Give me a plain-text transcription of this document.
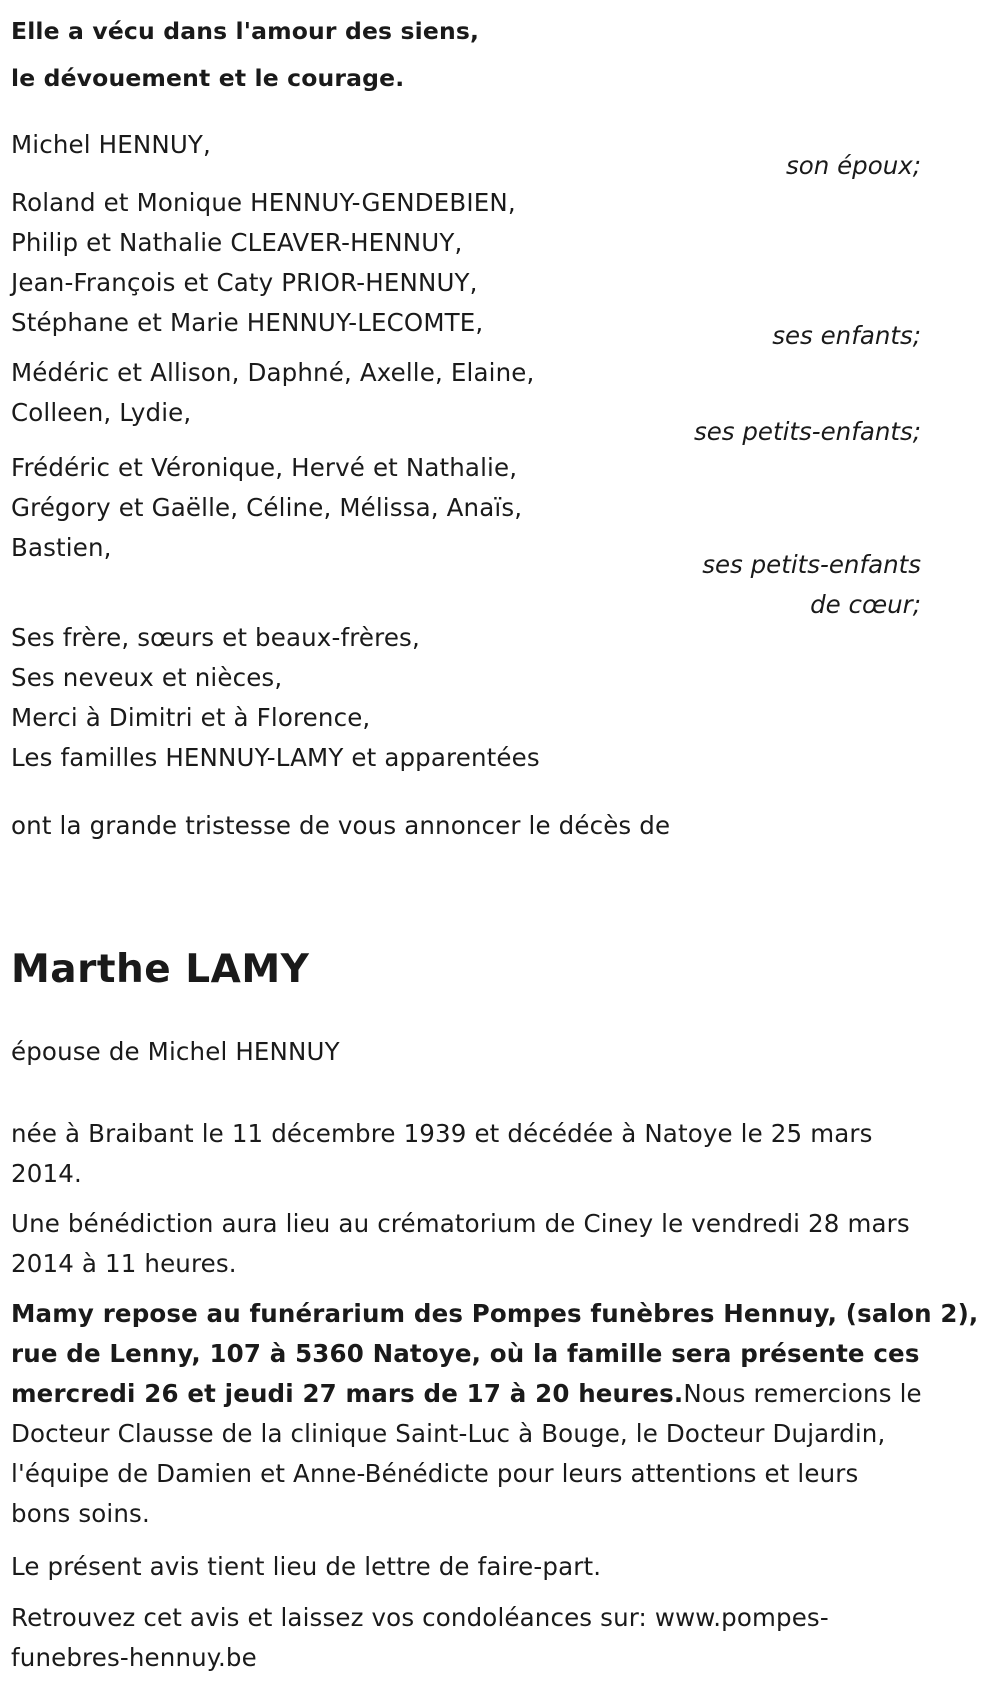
Elle a vécu dans l'amour des siens,
le dévouement et le courage.

Michel HENNUY,

son époux;

Roland et Monique HENNUY-GENDEBIEN,
Philip et Nathalie CLEAVER-HENNUY,
Jean-François et Caty PRIOR-HENNUY,
Stéphane et Marie HENNUY-LECOMTE,	ses enfants;

Médéric et Allison, Daphné, Axelle, Elaine,
Colleen, Lydie,

ses petits-enfants;

Frédéric et Véronique, Hervé et Nathalie,
Grégory et Gaëlle, Céline, Mélissa, Anaïs,
Bastien,

ses petits-enfants
de cœur;

Ses frère, sœurs et beaux-frères,
Ses neveux et nièces,
Merci à Dimitri et à Florence,
Les familles HENNUY-LAMY et apparentées

ont la grande tristesse de vous annoncer le décès de

Marthe LAMY

épouse de Michel HENNUY

née à Braibant le 11 décembre 1939 et décédée à Natoye le 25 mars
2014.

Une bénédiction aura lieu au crématorium de Ciney le vendredi 28 mars
2014 à 11 heures.

Mamy repose au funérarium des Pompes funèbres Hennuy, (salon 2),
rue de Lenny, 107 à 5360 Natoye, où la famille sera présente ces
mercredi 26 et jeudi 27 mars de 17 à 20 heures.Nous remercions le
Docteur Clausse de la clinique Saint-Luc à Bouge, le Docteur Dujardin,
l'équipe de Damien et Anne-Bénédicte pour leurs attentions et leurs
bons soins.

Le présent avis tient lieu de lettre de faire-part.

Retrouvez cet avis et laissez vos condoléances sur: www.pompes-
funebres-hennuy.be
